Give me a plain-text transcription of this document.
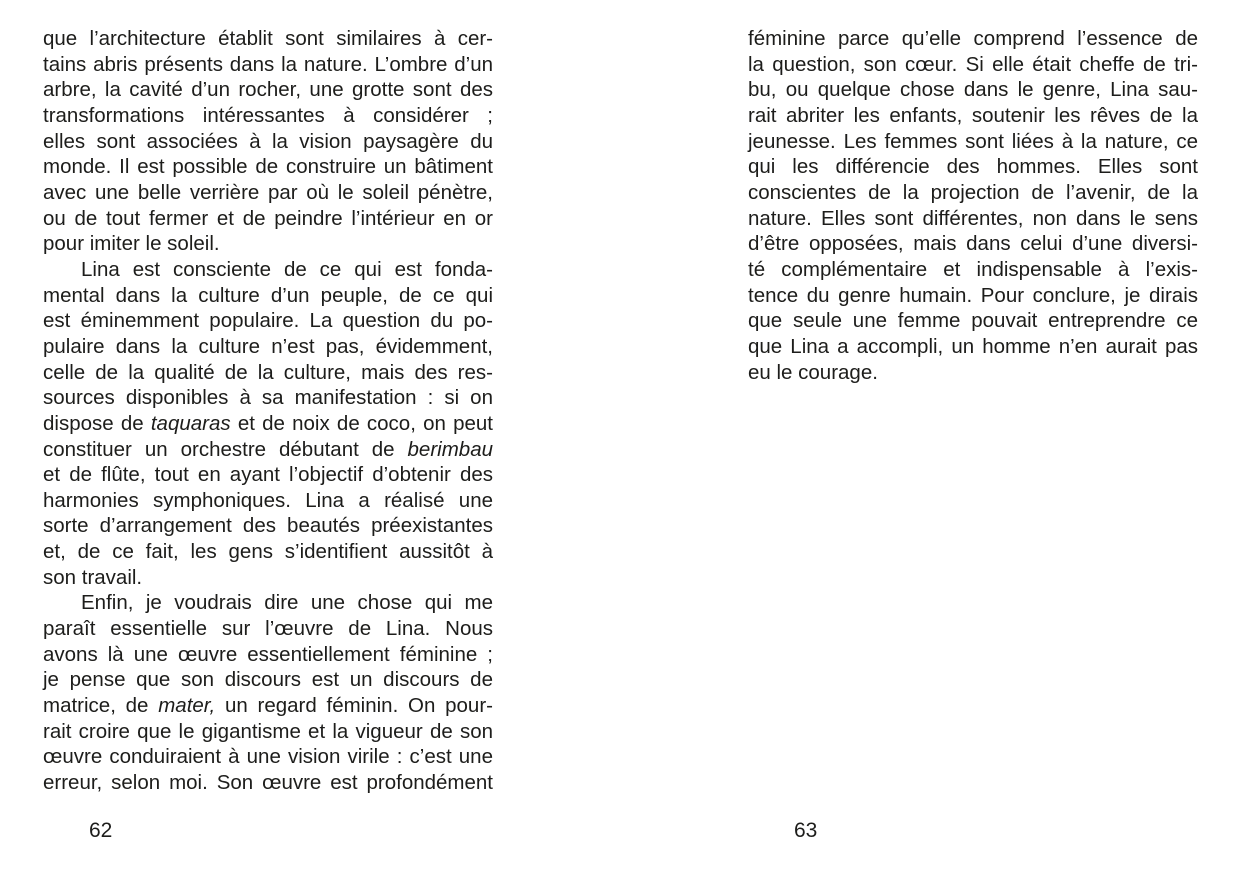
que l’architecture établit sont similaires à cer-
tains abris présents dans la nature. L’ombre d’un
arbre, la cavité d’un rocher, une grotte sont des
transformations intéressantes à considérer ;
elles sont associées à la vision paysagère du
monde. Il est possible de construire un bâtiment
avec une belle verrière par où le soleil pénètre,
ou de tout fermer et de peindre l’intérieur en or
pour imiter le soleil.
Lina est consciente de ce qui est fonda-
mental dans la culture d’un peuple, de ce qui
est éminemment populaire. La question du po-
pulaire dans la culture n’est pas, évidemment,
celle de la qualité de la culture, mais des res-
sources disponibles à sa manifestation : si on
dispose de taquaras et de noix de coco, on peut
constituer un orchestre débutant de berimbau
et de flûte, tout en ayant l’objectif d’obtenir des
harmonies symphoniques. Lina a réalisé une
sorte d’arrangement des beautés préexistantes
et, de ce fait, les gens s’identifient aussitôt à
son travail.
Enfin, je voudrais dire une chose qui me
paraît essentielle sur l’œuvre de Lina. Nous
avons là une œuvre essentiellement féminine ;
je pense que son discours est un discours de
matrice, de mater, un regard féminin. On pour-
rait croire que le gigantisme et la vigueur de son
œuvre conduiraient à une vision virile : c’est une
erreur, selon moi. Son œuvre est profondément
féminine parce qu’elle comprend l’essence de
la question, son cœur. Si elle était cheffe de tri-
bu, ou quelque chose dans le genre, Lina sau-
rait abriter les enfants, soutenir les rêves de la
jeunesse. Les femmes sont liées à la nature, ce
qui les différencie des hommes. Elles sont
conscientes de la projection de l’avenir, de la
nature. Elles sont différentes, non dans le sens
d’être opposées, mais dans celui d’une diversi-
té complémentaire et indispensable à l’exis-
tence du genre humain. Pour conclure, je dirais
que seule une femme pouvait entreprendre ce
que Lina a accompli, un homme n’en aurait pas
eu le courage.
62	63
